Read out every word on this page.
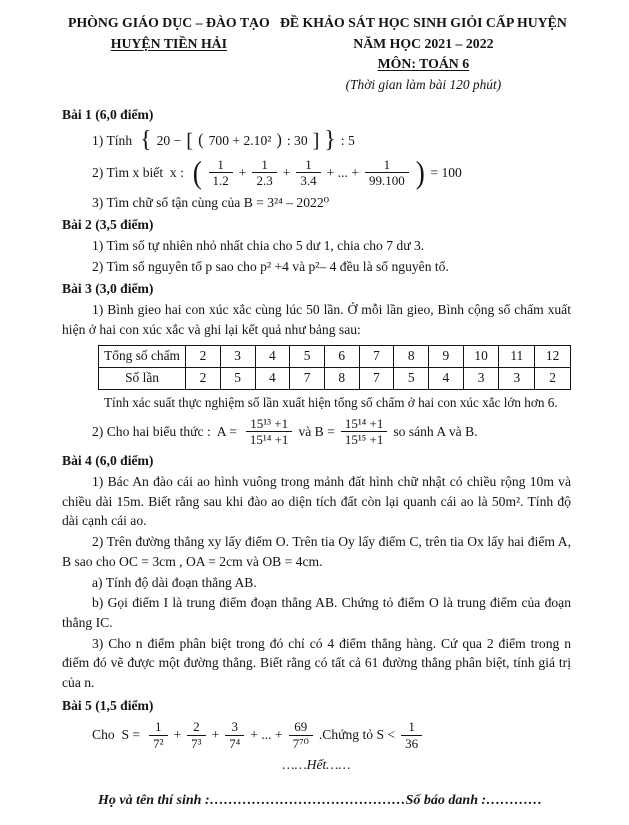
PHÒNG GIÁO DỤC – ĐÀO TẠO
HUYỆN TIỀN HẢI
ĐỀ KHẢO SÁT HỌC SINH GIỎI CẤP HUYỆN
NĂM HỌC 2021 – 2022
MÔN: TOÁN 6
(Thời gian làm bài 120 phút)
Bài 1 (6,0 điểm)
1) Tính { 20 − [ ( 700 + 2.10² ) : 30 ] } : 5
2) Tìm x biết  x : ( $\frac{1}{1.2} + \frac{1}{2.3} + \frac{1}{3.4}$ + ... + $\frac{1}{99.100}$ ) = 100
3) Tìm chữ số tận cùng của B = 3²⁴ – 2022⁰
Bài 2 (3,5 điểm)
1) Tìm số tự nhiên nhỏ nhất chia cho 5 dư 1, chia cho 7 dư 3.
2) Tìm số nguyên tố p sao cho p² +4 và p²– 4 đều là số nguyên tố.
Bài 3 (3,0 điểm)
1) Bình gieo hai con xúc xắc cùng lúc 50 lần. Ở mỗi lần gieo, Bình cộng số chấm xuất hiện ở hai con xúc xắc và ghi lại kết quả như bảng sau:
Tổng số chấm	2	3	4	5	6	7	8	9	10	11	12
Số lần	2	5	4	7	8	7	5	4	3	3	2
Tính xác suất thực nghiệm số lần xuất hiện tổng số chấm ở hai con xúc xắc lớn hơn 6.
2) Cho hai biểu thức :  $A = \frac{\text{15¹³ +1}}{\text{15¹⁴ +1}}$ và $B = \frac{\text{15¹⁴ +1}}{\text{15¹⁵ +1}}$ so sánh A và B.
Bài 4 (6,0 điểm)
1) Bác An đào cái ao hình vuông trong mảnh đất hình chữ nhật có chiều rộng 10m và chiều dài 15m. Biết rằng sau khi đào ao diện tích đất còn lại quanh cái ao là 50m². Tính độ dài cạnh cái ao.
2) Trên đường thẳng xy lấy điểm O. Trên tia Oy lấy điểm C, trên tia Ox lấy hai điểm A, B sao cho OC = 3cm , OA = 2cm và OB = 4cm.
a) Tính độ dài đoạn thẳng AB.
b) Gọi điểm I là trung điểm đoạn thẳng AB. Chứng tỏ điểm O là trung điểm của đoạn thẳng IC.
3) Cho n điểm phân biệt trong đó chỉ có 4 điểm thẳng hàng. Cứ qua 2 điểm trong n điểm đó vẽ được một đường thẳng. Biết rằng có tất cả 61 đường thẳng phân biệt, tính giá trị của n.
Bài 5 (1,5 điểm)
Cho  $S = \frac{1}{\text{7²}} + \frac{2}{\text{7³}} + \frac{3}{\text{7⁴}}$ + ... + $\frac{69}{\text{7⁷⁰}}$ .Chứng tỏ $S < \frac{1}{36}$
……Hết……
Họ và tên thí sinh :……………………………………Số báo danh :…………
